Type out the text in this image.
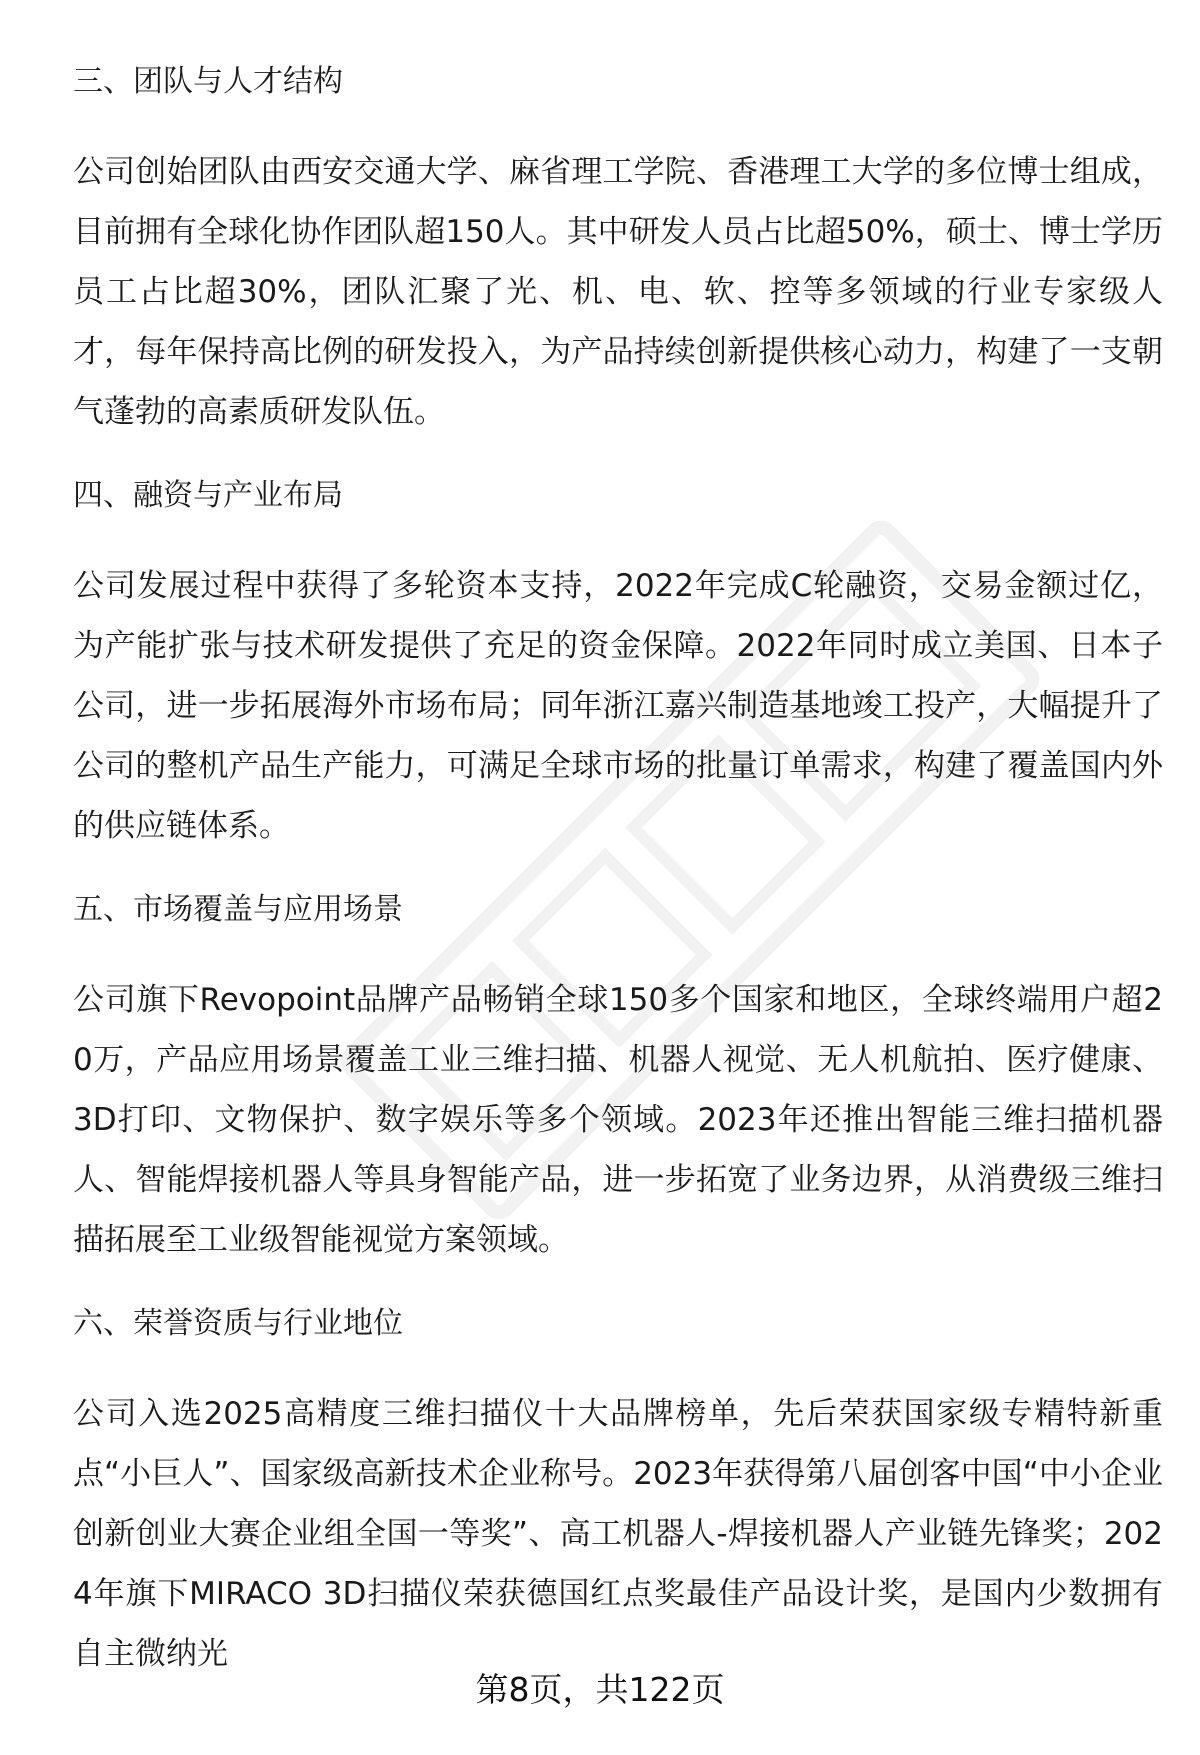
三、团队与人才结构

公司创始团队由西安交通大学、麻省理工学院、香港理工大学的多位博士组成，目前拥有全球化协作团队超150人。其中研发人员占比超50%，硕士、博士学历员工占比超30%，团队汇聚了光、机、电、软、控等多领域的行业专家级人才，每年保持高比例的研发投入，为产品持续创新提供核心动力，构建了一支朝气蓬勃的高素质研发队伍。

四、融资与产业布局

公司发展过程中获得了多轮资本支持，2022年完成C轮融资，交易金额过亿，为产能扩张与技术研发提供了充足的资金保障。2022年同时成立美国、日本子公司，进一步拓展海外市场布局；同年浙江嘉兴制造基地竣工投产，大幅提升了公司的整机产品生产能力，可满足全球市场的批量订单需求，构建了覆盖国内外的供应链体系。

五、市场覆盖与应用场景

公司旗下Revopoint品牌产品畅销全球150多个国家和地区，全球终端用户超20万，产品应用场景覆盖工业三维扫描、机器人视觉、无人机航拍、医疗健康、3D打印、文物保护、数字娱乐等多个领域。2023年还推出智能三维扫描机器人、智能焊接机器人等具身智能产品，进一步拓宽了业务边界，从消费级三维扫描拓展至工业级智能视觉方案领域。

六、荣誉资质与行业地位

公司入选2025高精度三维扫描仪十大品牌榜单，先后荣获国家级专精特新重点“小巨人”、国家级高新技术企业称号。2023年获得第八届创客中国“中小企业创新创业大赛企业组全国一等奖”、高工机器人-焊接机器人产业链先锋奖；2024年旗下MIRACO 3D扫描仪荣获德国红点奖最佳产品设计奖，是国内少数拥有自主微纳光

第8页，共122页
